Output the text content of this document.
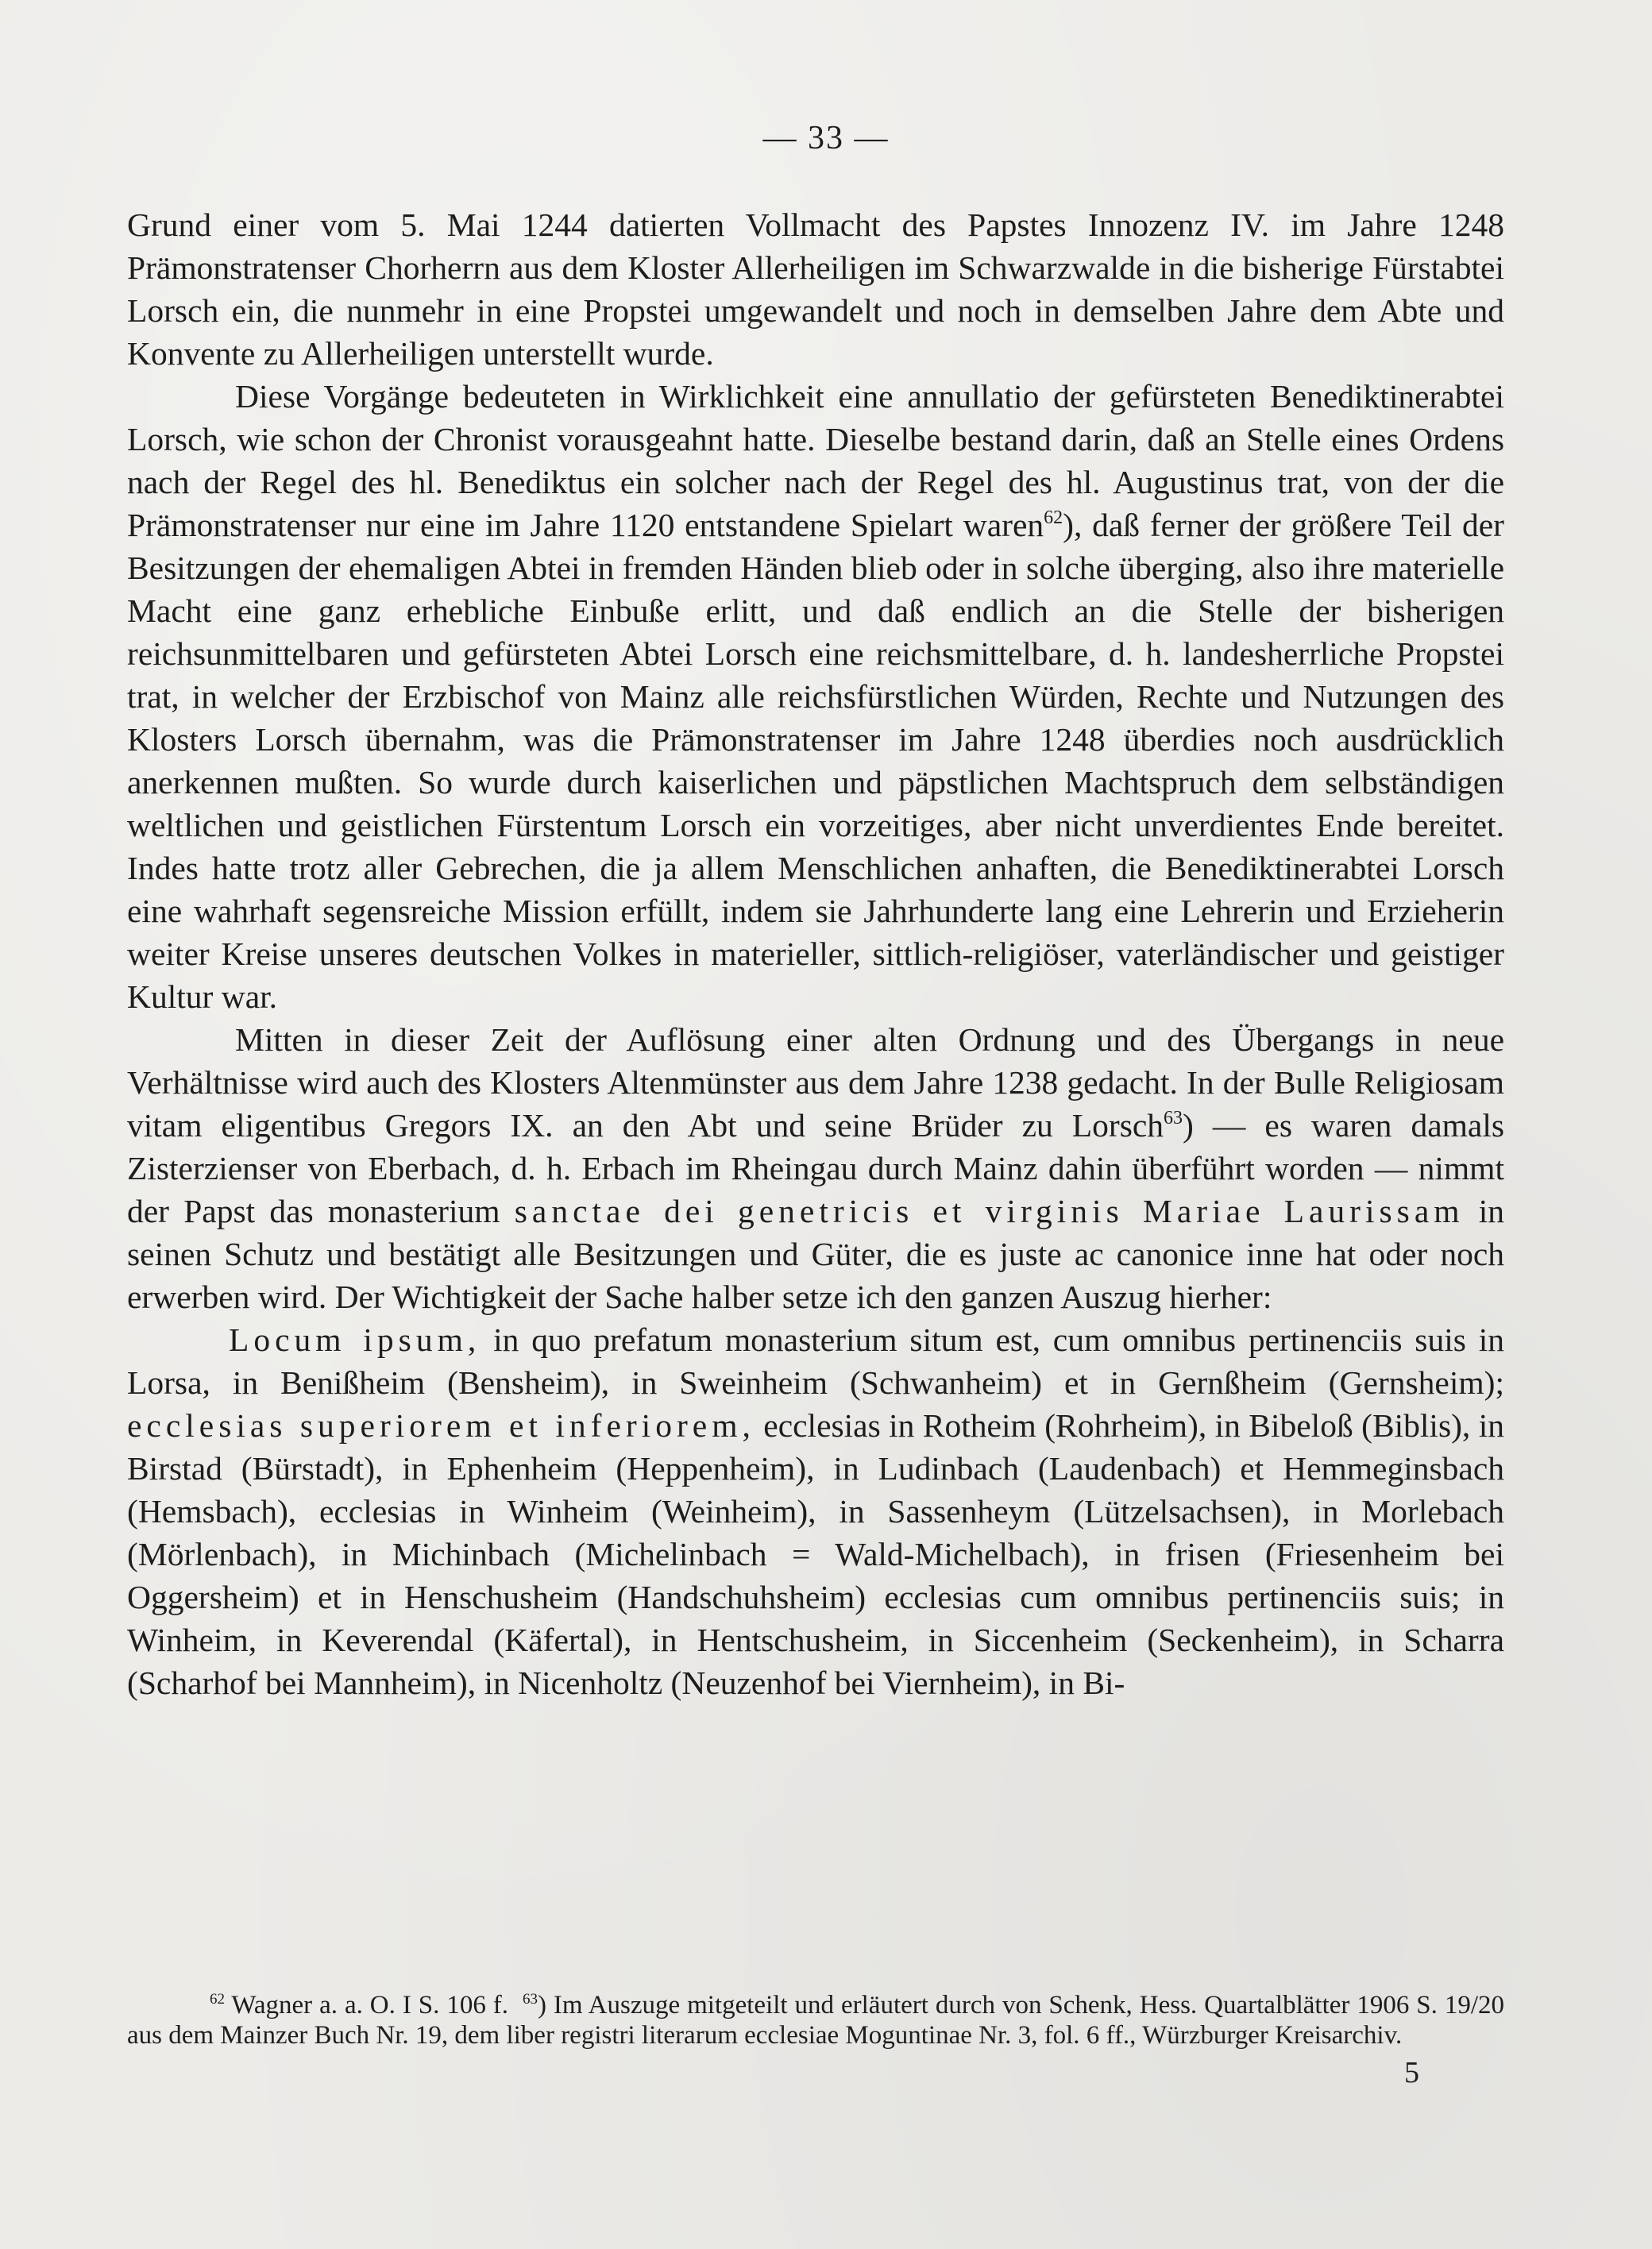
— 33 —

Grund einer vom 5. Mai 1244 datierten Vollmacht des Papstes Innozenz IV. im Jahre 1248 Prämonstratenser Chorherrn aus dem Kloster Allerheiligen im Schwarzwalde in die bisherige Fürstabtei Lorsch ein, die nunmehr in eine Propstei umgewandelt und noch in demselben Jahre dem Abte und Konvente zu Allerheiligen unterstellt wurde.

Diese Vorgänge bedeuteten in Wirklichkeit eine annullatio der gefürsteten Benediktinerabtei Lorsch, wie schon der Chronist vorausgeahnt hatte. Dieselbe bestand darin, daß an Stelle eines Ordens nach der Regel des hl. Benediktus ein solcher nach der Regel des hl. Augustinus trat, von der die Prämonstratenser nur eine im Jahre 1120 entstandene Spielart waren$^{62}$), daß ferner der größere Teil der Besitzungen der ehemaligen Abtei in fremden Händen blieb oder in solche überging, also ihre materielle Macht eine ganz erhebliche Einbuße erlitt, und daß endlich an die Stelle der bisherigen reichsunmittelbaren und gefürsteten Abtei Lorsch eine reichsmittelbare, d. h. landesherrliche Propstei trat, in welcher der Erzbischof von Mainz alle reichsfürstlichen Würden, Rechte und Nutzungen des Klosters Lorsch übernahm, was die Prämonstratenser im Jahre 1248 überdies noch ausdrücklich anerkennen mußten. So wurde durch kaiserlichen und päpstlichen Machtspruch dem selbständigen weltlichen und geistlichen Fürstentum Lorsch ein vorzeitiges, aber nicht unverdientes Ende bereitet. Indes hatte trotz aller Gebrechen, die ja allem Menschlichen anhaften, die Benediktinerabtei Lorsch eine wahrhaft segensreiche Mission erfüllt, indem sie Jahrhunderte lang eine Lehrerin und Erzieherin weiter Kreise unseres deutschen Volkes in materieller, sittlich-religiöser, vaterländischer und geistiger Kultur war.

Mitten in dieser Zeit der Auflösung einer alten Ordnung und des Übergangs in neue Verhältnisse wird auch des Klosters Altenmünster aus dem Jahre 1238 gedacht. In der Bulle Religiosam vitam eligentibus Gregors IX. an den Abt und seine Brüder zu Lorsch$^{63}$) — es waren damals Zisterzienser von Eberbach, d. h. Erbach im Rheingau durch Mainz dahin überführt worden — nimmt der Papst das monasterium sanctae dei genetricis et virginis Mariae Laurissam in seinen Schutz und bestätigt alle Besitzungen und Güter, die es juste ac canonice inne hat oder noch erwerben wird. Der Wichtigkeit der Sache halber setze ich den ganzen Auszug hierher:

Locum ipsum, in quo prefatum monasterium situm est, cum omnibus pertinenciis suis in Lorsa, in Benißheim (Bensheim), in Sweinheim (Schwanheim) et in Gernßheim (Gernsheim); ecclesias superiorem et inferiorem, ecclesias in Rotheim (Rohrheim), in Bibeloß (Biblis), in Birstad (Bürstadt), in Ephenheim (Heppenheim), in Ludinbach (Laudenbach) et Hemmeginsbach (Hemsbach), ecclesias in Winheim (Weinheim), in Sassenheym (Lützelsachsen), in Morlebach (Mörlenbach), in Michinbach (Michelinbach = Wald-Michelbach), in frisen (Friesenheim bei Oggersheim) et in Henschusheim (Handschuhsheim) ecclesias cum omnibus pertinenciis suis; in Winheim, in Keverendal (Käfertal), in Hentschusheim, in Siccenheim (Seckenheim), in Scharra (Scharhof bei Mannheim), in Nicenholtz (Neuzenhof bei Viernheim), in Bi-

$^{62}$ Wagner a. a. O. I S. 106 f. $^{63}$) Im Auszuge mitgeteilt und erläutert durch von Schenk, Hess. Quartalblätter 1906 S. 19/20 aus dem Mainzer Buch Nr. 19, dem liber registri literarum ecclesiae Moguntinae Nr. 3, fol. 6 ff., Würzburger Kreisarchiv.

5
